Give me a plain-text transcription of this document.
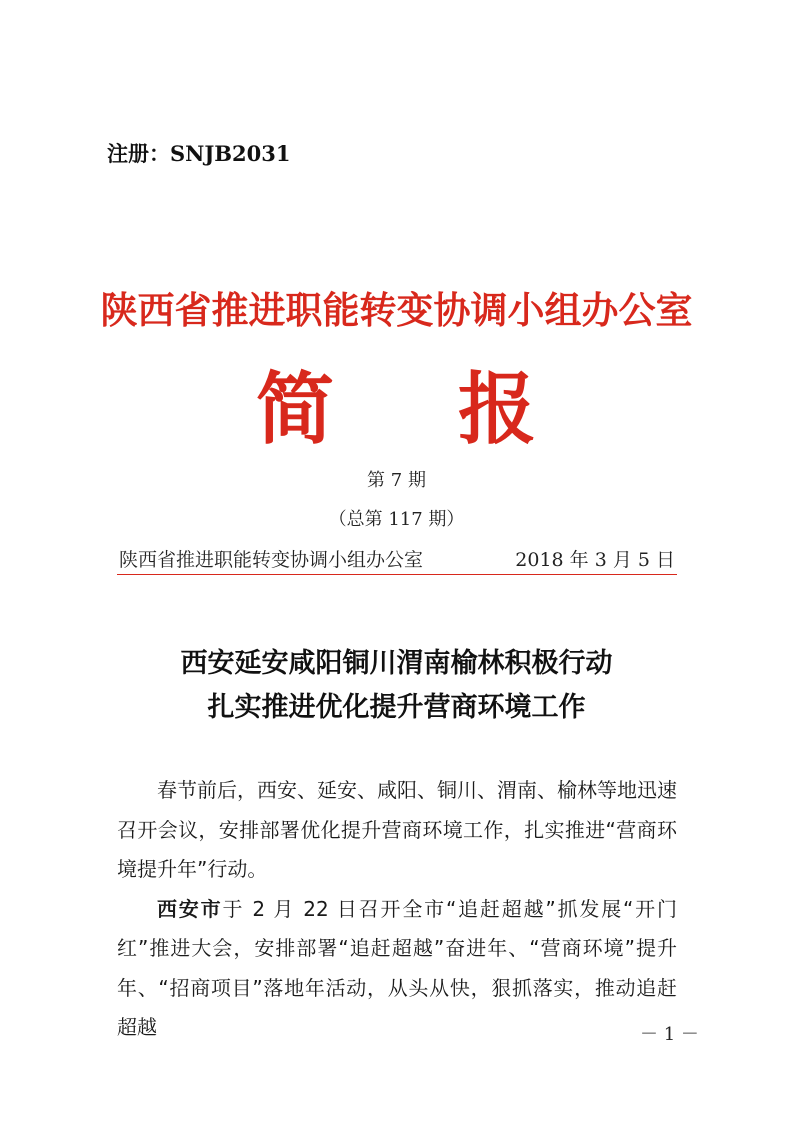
注册：SNJB2031
陕西省推进职能转变协调小组办公室
简 报
第 7 期
（总第 117 期）
陕西省推进职能转变协调小组办公室	2018 年 3 月 5 日
西安延安咸阳铜川渭南榆林积极行动
扎实推进优化提升营商环境工作

春节前后，西安、延安、咸阳、铜川、渭南、榆林等地迅速召开会议，安排部署优化提升营商环境工作，扎实推进“营商环境提升年”行动。

西安市于 2 月 22 日召开全市“追赶超越”抓发展“开门红”推进大会，安排部署“追赶超越”奋进年、“营商环境”提升年、“招商项目”落地年活动，从头从快，狠抓落实，推动追赶超越	－ 1 －
